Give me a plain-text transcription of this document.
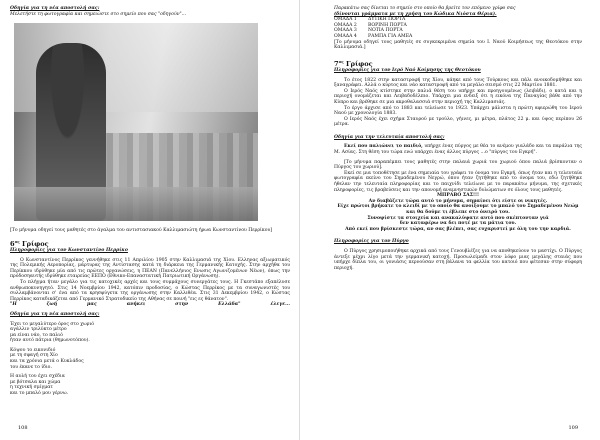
Οδηγία για τη νέα αποστολή σας:
Μελετήστε τη φωτογραφία και σημειώστε στο σημείο που σας "οδηγούν"...
[Το μήνυμα οδηγεί τους μαθητές στο άγαλμα του αντιστασιακού Καλλιμασιώτη ήρωα Κωνσταντίνου Περρίκου]
$6^{o\varsigma}$ Γρίφος
Πληροφορίες για τον Κωνσταντίνο Περρίκο
Ο Κωνσταντίνος Περρίκος γεννήθηκε στις 11 Απριλίου 1905 στην Καλλιμασιά της Χίου. Ελληνας αξιωματικός της Πολεμικής Αεροπορίας, μάρτυρας της Αντίστασης κατά τη διάρκεια της Γερμανικής Κατοχής. Στην αρχήθα του Περίκκου ιδρύθηκε μία από τις πρώτες οργανώσεις, η ΠΕΑΝ (Πανελλήνιος Ενωσις Αγωνιζομένων Νέων), όπως την πρόδοσηαυτής ιδρύθηκε εταιρείας ΕΕΠΟ (Εθνικο-Επαναστατική Πατριωτική Οργάνωση).
Το πλήγμα ήταν μεγάλο για τις κατοχικές αρχές και τους συμμάχους συνεργάτες τους. Η Γκεστάπο εξαπέλυσε ανθρωποκυνηγητό. Στις 14 Νοεμβρίου 1942, κατόπιν προδοσίας, ο Κώστας Περρίκος με τα συναγωνιστές του συλλαμβάνονται σ' ένα από τα κρησφύγετα της οργάνωσης στην Καλλιθέα. Στις 31 Δεκεμβρίου 1942, ο Κώστας Περρίκος καταδικάζεται από Γερμανικό Στρατοδικείο της Αθήνας σε ποινή "εις ες θάνατον".
"Η	ζωή	μας	ανήκει	στην	Ελλάδα"	έλεγε...
Οδηγία για τη νέα αποστολή σας:
Έχει το μεγαλύτερο όρος στο χωριό
αγάλλιν τριλύκτο μέτρο
μα είναι νάο, το παλιό
ήταν αυτό πάτρια (θημωνοτόπου).
Κόψου το εικονιδιό
με τη σφαγή στη Χίο
και τα χρόνια μετά ο Κυκλάδος
του έκανε το ίδιο.
Η αυλή του έχει σχέδια
με βότσαλα και χώμα
η τεχνική σμίγματ
και το μπαλό μου γέρνω.
108
Παρακάτω σας δίνεται το σημείο στο οποίο θα βρείτε τον επόμενο γρίφο σας
(δίνονται γράμματα με τη χρήση του Κώδικα Νιόστα Θέρια).
ΟΜΑΔΑ 1	ΔΥΤΙΚΗ ΠΟΡΤΑ
ΟΜΑΔΑ 2	ΒΟΡΙΝΗ ΠΟΡΤΑ
ΟΜΑΔΑ 3	ΝΟΤΙΑ ΠΟΡΤΑ
ΟΜΑΔΑ 4	ΡΑΜΠΑ ΓΙΑ ΑΜΕΑ
[Το μήνυμα οδηγεί τους μαθητές σε συγκεκριμένα σημεία του Ι. Ναού Κοιμήσεως της Θεοτόκου στην Καλλιμασιά.]
$7^{o\varsigma}$ Γρίφος
Πληροφορίες για τον Ιερό Ναό Κοίμησης της Θεοτόκου
Το έτος 1822 στην καταστροφή της Χίου, κάηκε από τους Τούρκους και πάλι ανοικοδομήθηκε και ξαναγράφει. Αλλά ο κύρτος και νάο καταστροφή από τα μεγάλο σεισμό στις 22 Μαρτίου 1881.
Ο Ιερός Ναός κτίστηκε στην παλιά θέση του υπήρχε και προηγουμένως (λειβάδι), ο κατά και η περιοχή ονομάζεται και Λειβαδοδέλπιο. Υπάρχει μια ενδειξ ότι η εικόνα της Παναγίας βάθε από την Κύπρο και βρέθηκε σε μια ακροθαλασσιά στην περιοχή της Καλλιμασιάς.
Το έργο άρχισε από το 1883 και τελείωσε το 1923. Υπάρχει μάλιστα η πρώτη αφιερώθη του Ιερού Ναού με χρονολογία 1883.
Ο Ιερός Ναός έχει σχήμα Σταυρού με τρούλο, γήινες, μι μέτρα, πλάτος 22 μ. και ύψος περίπου 26 μέτρα.
Οδηγία για την τελευταία αποστολή σας:
Εκεί που παλιώνει το παιδιό, υπήρχε ένας πύργος με θέα το ανέμου γιαλάδο και τα παράλια της Μ. Ασίας. Στη θέση του τώρα ενώ υπάρχει ένας άλλος πύργος ...ο "πύργος του Εγκρή".
[Το μήνυμα παραπέμπει τους μαθητές στην παλαιά χωριά του χωριού όπου παλιά βρίσκονταν ο Πύργος του χωριού].
Εκεί σε μια τοποθέτησε με ένα σημειαία του γράφει το όνομα του Εγκρή, όπως ήταν και η τελευταία φωτογραφία εκείνο του Σημαδεμένου Νεγρώ, όπου ήταν ζητήθηκε από το όνομα του, εδώ ζητήθηκε ήθελαν την τελευταία πληροφορίας και το παιχνίδι τελείωνε με το παρακάτω μήνυμα, της σχετικές πληροφορίες, τις βραβεύσεις και την απονομή αναμνηστικών δυλώματων σε όλους τους μαθητές.
ΜΠΡΑΒΟ ΣΑΣ!!!
Αν διαβάζετε τώρα αυτό το μήνυμα, σημαίνει ότι είστε οι νικητές.
Είχε πρώτοι βρήκατε το κλειδί με το οποίο θα ανοίξουμε το μπαλό του Σημαδεμένου Νεώμ και θα δούμε τι έβλεπε στο όνειρό του.
Συνοψίστε τα στοιχεία και ανακαλύψατε αυτό που σκέπτονταν γιά
δεν καταφέρω να δει ποτέ με τα μάτια του.
Από εκεί που βρίσκεστε τώρα, αν σας βλέπει, σας ευχαριστεί με όλη του την καρδιά.
Πληροφορίες για τον Πύργο
Ο Πύργος χρησιμοποιήθηκε αρχικά από τους Γενουβλέζες για να αποθηκεύουν το μαστίχι. Ο Πύργος άντεξε μέχρι λίγο μετά την γερμανική κατοχή. Προσωλείμαδι στον λόφο μιας μεγάλης σταιάς που υπήρχε δίπλα του, οι γονιάσις περνούσαν στη βάλανα τα φελλία του κατοιό που φέτεσαν στην σύφορη περιοχή.
109
